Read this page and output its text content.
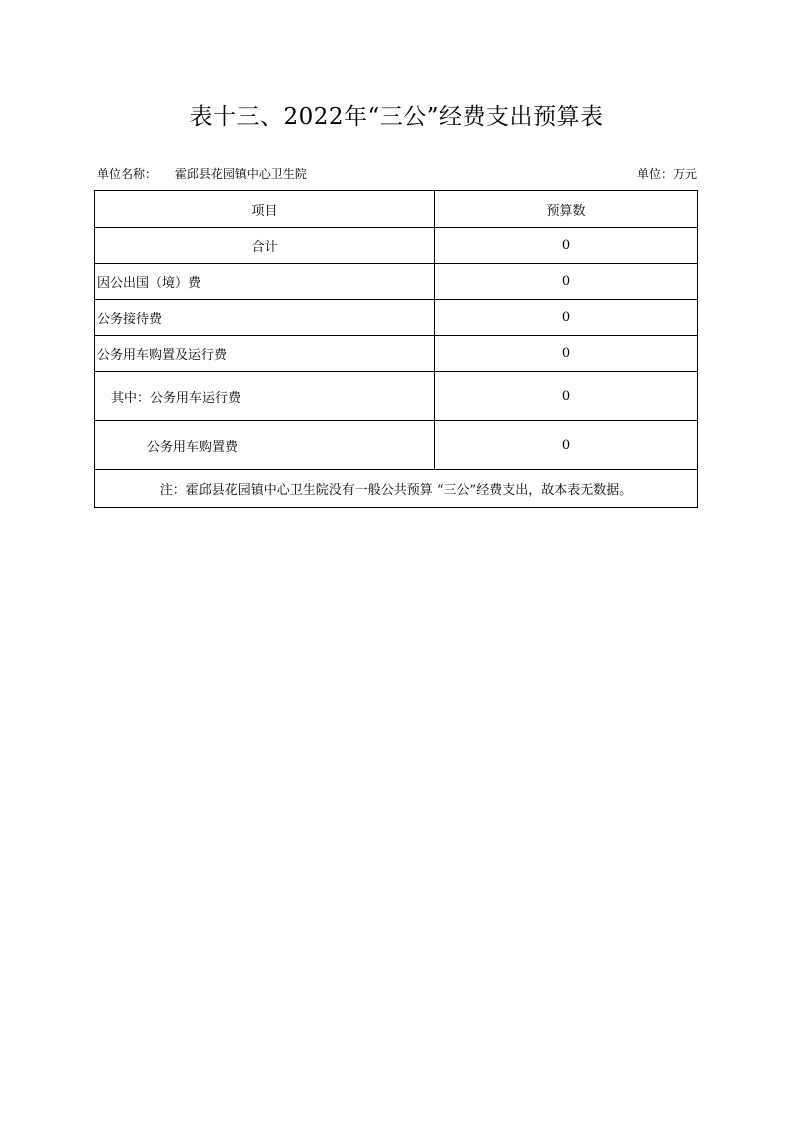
表十三、2022年“三公”经费支出预算表
单位名称： 霍邱县花园镇中心卫生院	单位：万元
项目	预算数
合计	0
因公出国（境）费	0
公务接待费	0
公务用车购置及运行费	0
其中：公务用车运行费	0
公务用车购置费	0
注：霍邱县花园镇中心卫生院没有一般公共预算 “三公”经费支出，故本表无数据。	
